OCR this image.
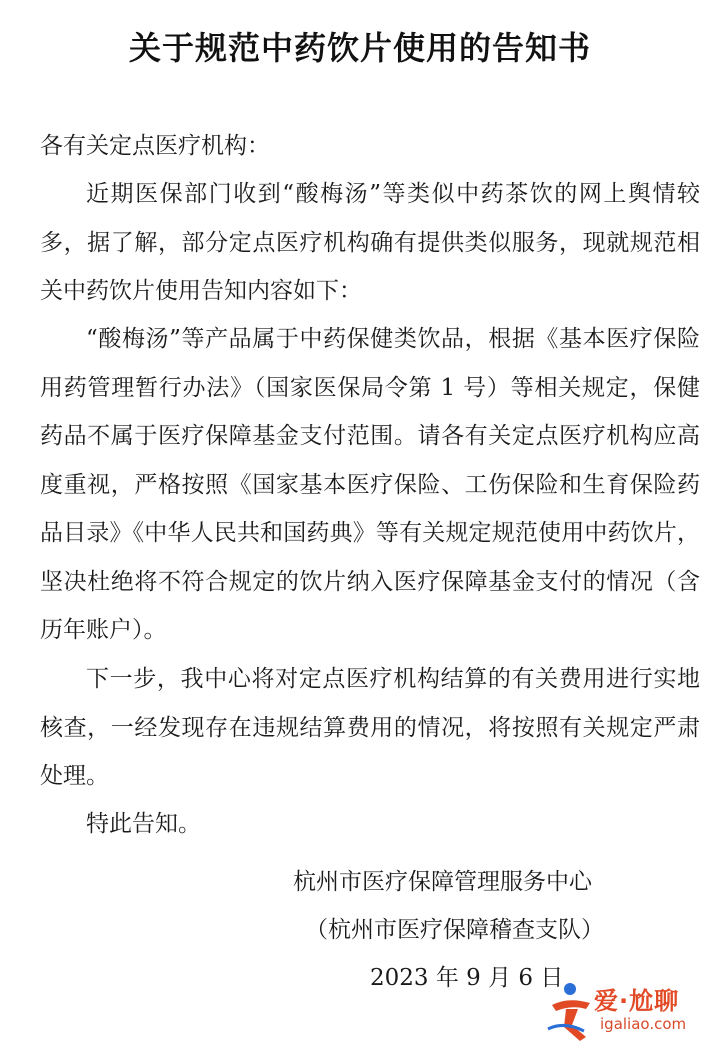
关于规范中药饮片使用的告知书

各有关定点医疗机构：

近期医保部门收到“酸梅汤”等类似中药茶饮的网上舆情较多，据了解，部分定点医疗机构确有提供类似服务，现就规范相关中药饮片使用告知内容如下：

“酸梅汤”等产品属于中药保健类饮品，根据《基本医疗保险用药管理暂行办法》（国家医保局令第 1 号）等相关规定，保健药品不属于医疗保障基金支付范围。请各有关定点医疗机构应高度重视，严格按照《国家基本医疗保险、工伤保险和生育保险药品目录》《中华人民共和国药典》等有关规定规范使用中药饮片，坚决杜绝将不符合规定的饮片纳入医疗保障基金支付的情况（含历年账户）。

下一步，我中心将对定点医疗机构结算的有关费用进行实地核查，一经发现存在违规结算费用的情况，将按照有关规定严肃处理。

特此告知。

杭州市医疗保障管理服务中心
（杭州市医疗保障稽查支队）
2023 年 9 月 6 日
爱·尬聊
igaliao.com
